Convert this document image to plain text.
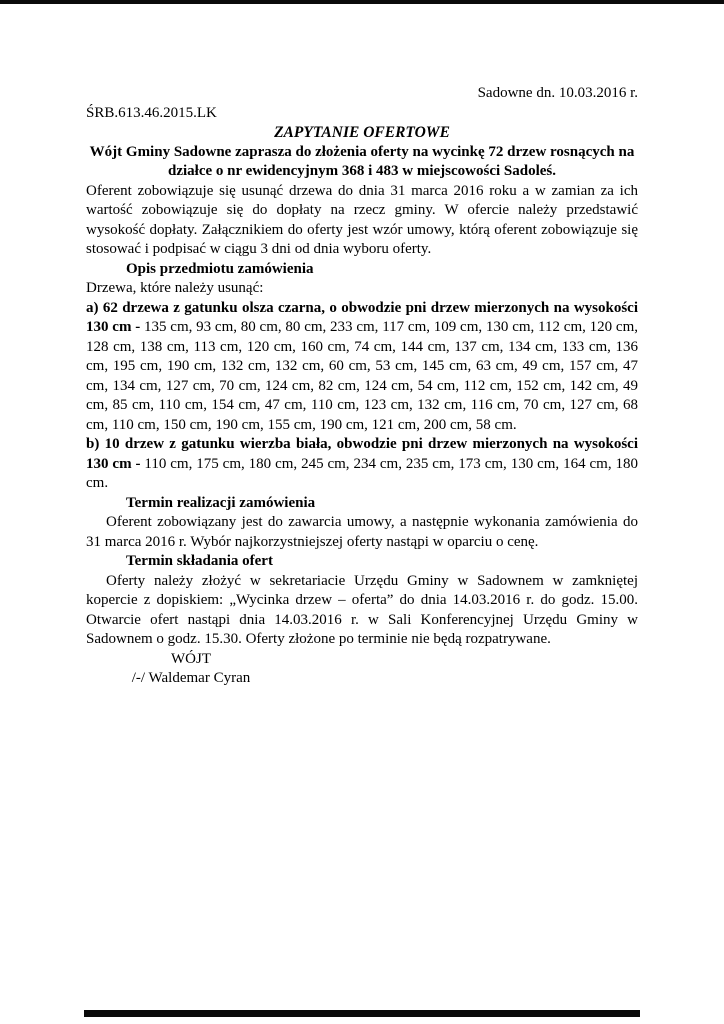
Sadowne dn. 10.03.2016 r.
ŚRB.613.46.2015.LK
ZAPYTANIE OFERTOWE

Wójt Gminy Sadowne zaprasza do złożenia oferty na wycinkę 72 drzew rosnących na działce o nr ewidencyjnym 368 i 483 w miejscowości Sadoleś.

Oferent zobowiązuje się usunąć drzewa do dnia 31 marca 2016 roku a w zamian za ich wartość zobowiązuje się do dopłaty na rzecz gminy. W ofercie należy przedstawić wysokość dopłaty. Załącznikiem do oferty jest wzór umowy, którą oferent zobowiązuje się stosować i podpisać w ciągu 3 dni od dnia wyboru oferty.

Opis przedmiotu zamówienia

Drzewa, które należy usunąć:

a) 62 drzewa z gatunku olsza czarna, o obwodzie pni drzew mierzonych na wysokości 130 cm - 135 cm, 93 cm, 80 cm, 80 cm, 233 cm, 117 cm, 109 cm, 130 cm, 112 cm, 120 cm, 128 cm, 138 cm, 113 cm, 120 cm, 160 cm, 74 cm, 144 cm, 137 cm, 134 cm, 133 cm, 136 cm, 195 cm, 190 cm, 132 cm, 132 cm, 60 cm, 53 cm, 145 cm, 63 cm, 49 cm, 157 cm, 47 cm, 134 cm, 127 cm, 70 cm, 124 cm, 82 cm, 124 cm, 54 cm, 112 cm, 152 cm, 142 cm, 49 cm, 85 cm, 110 cm, 154 cm, 47 cm, 110 cm, 123 cm, 132 cm, 116 cm, 70 cm, 127 cm, 68 cm, 110 cm, 150 cm, 190 cm, 155 cm, 190 cm, 121 cm, 200 cm, 58 cm.

b) 10 drzew z gatunku wierzba biała, obwodzie pni drzew mierzonych na wysokości 130 cm - 110 cm, 175 cm, 180 cm, 245 cm, 234 cm, 235 cm, 173 cm, 130 cm, 164 cm, 180 cm.

Termin realizacji zamówienia

Oferent zobowiązany jest do zawarcia umowy, a następnie wykonania zamówienia do 31 marca 2016 r. Wybór najkorzystniejszej oferty nastąpi w oparciu o cenę.

Termin składania ofert

Oferty należy złożyć w sekretariacie Urzędu Gminy w Sadownem w zamkniętej kopercie z dopiskiem: „Wycinka drzew – oferta” do dnia 14.03.2016 r. do godz. 15.00. Otwarcie ofert nastąpi dnia 14.03.2016 r. w Sali Konferencyjnej Urzędu Gminy w Sadownem o godz. 15.30. Oferty złożone po terminie nie będą rozpatrywane.

WÓJT
/-/ Waldemar Cyran
